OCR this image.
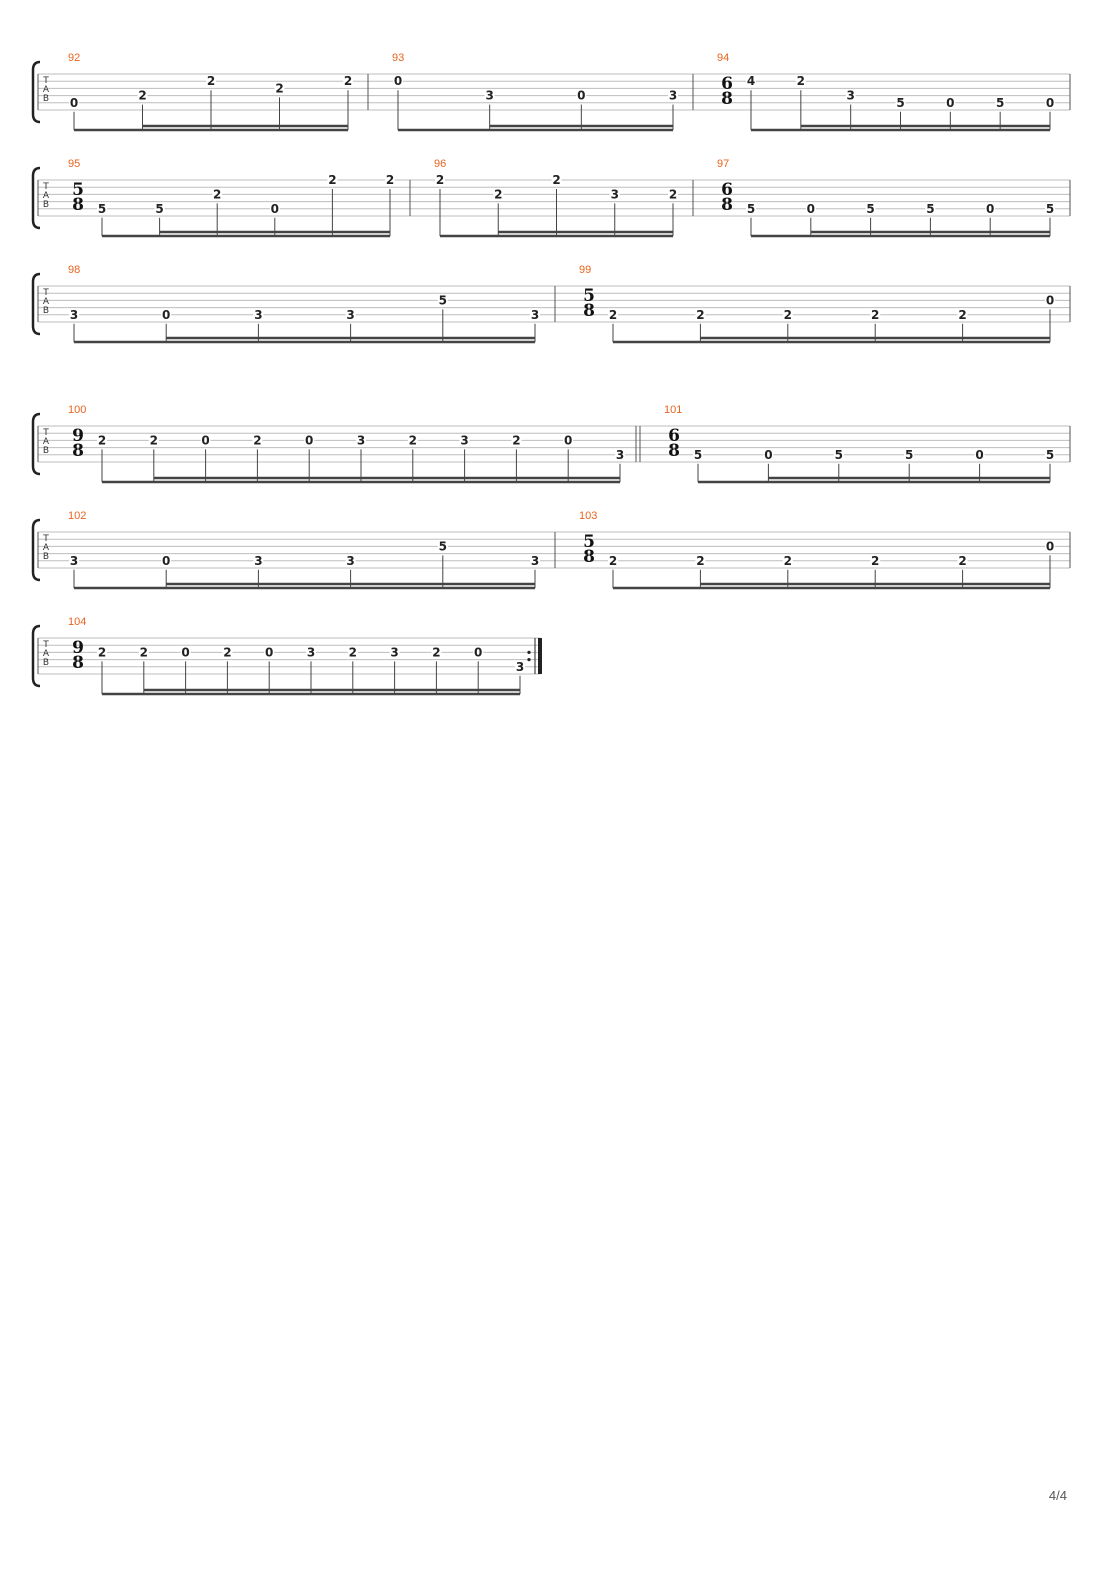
T
A
B
92
0
2
2
2
2
93
0
3	0	3
94
6
8
4	2
3
5	0	5	0
T
A
B
95
5
8 5	5
2
0
2	2
96
2
2
2
3	2
97
6
8 5	0	5	5	0	5
T
A
B
98
3	0	3	3
5
3
99
5
8 2	2	2	2	2
0
T
A
B
100
9
8
2	2	0	2	0	3	2	3	2	0
3
101
6
8 5	0	5	5	0	5
T
A
B
102
3	0	3	3
5
3
103
5
8 2	2	2	2	2
0
T
A
B
104
9
8
2	2	0	2	0	3	2	3	2	0
3
4/4
